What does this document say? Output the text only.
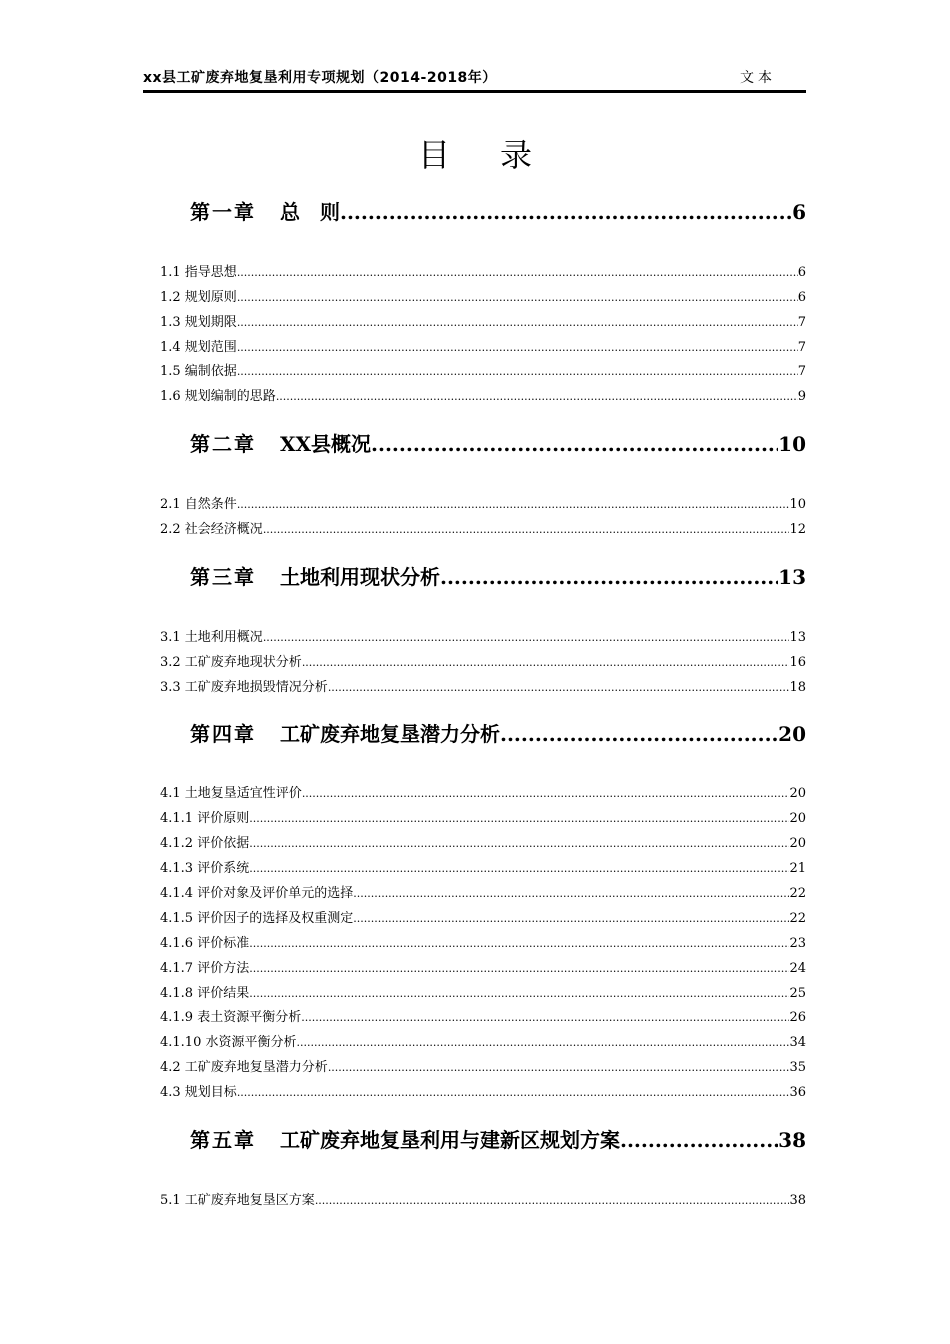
xx县工矿废弃地复垦利用专项规划（2014-2018年）	文本
目录
第一章 总　则 .....	6
1.1 指导思想 .....	6
1.2 规划原则 .....	6
1.3 规划期限 .....	7
1.4 规划范围 .....	7
1.5 编制依据 .....	7
1.6 规划编制的思路 .....	9
第二章 XX县概况 .....	10
2.1 自然条件 .....	10
2.2 社会经济概况 .....	12
第三章 土地利用现状分析 .....	13
3.1 土地利用概况 .....	13
3.2 工矿废弃地现状分析 .....	16
3.3 工矿废弃地损毁情况分析 .....	18
第四章 工矿废弃地复垦潜力分析 .....	20
4.1 土地复垦适宜性评价 .....	20
4.1.1 评价原则 .....	20
4.1.2 评价依据 .....	20
4.1.3 评价系统 .....	21
4.1.4 评价对象及评价单元的选择 .....	22
4.1.5 评价因子的选择及权重测定 .....	22
4.1.6 评价标准 .....	23
4.1.7 评价方法 .....	24
4.1.8 评价结果 .....	25
4.1.9 表土资源平衡分析 .....	26
4.1.10 水资源平衡分析 .....	34
4.2 工矿废弃地复垦潜力分析 .....	35
4.3 规划目标 .....	36
第五章 工矿废弃地复垦利用与建新区规划方案 .....	38
5.1 工矿废弃地复垦区方案 .....	38
